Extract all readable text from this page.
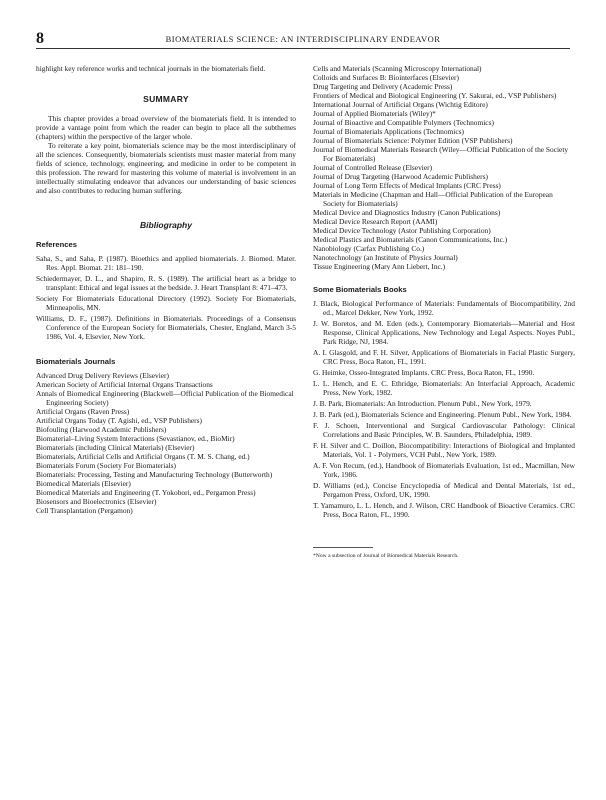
8	BIOMATERIALS SCIENCE: AN INTERDISCIPLINARY ENDEAVOR

highlight key reference works and technical journals in the biomaterials field.

SUMMARY

This chapter provides a broad overview of the biomaterials field. It is intended to provide a vantage point from which the reader can begin to place all the subthemes (chapters) within the perspective of the larger whole.

To reiterate a key point, biomaterials science may be the most interdisciplinary of all the sciences. Consequently, biomaterials scientists must master material from many fields of science, technology, engineering, and medicine in order to be competent in this profession. The reward for mastering this volume of material is involvement in an intellectually stimulating endeavor that advances our understanding of basic sciences and also contributes to reducing human suffering.

Bibliography
References

Saha, S., and Saha, P. (1987). Bioethics and applied biomaterials. J. Biomed. Mater. Res. Appl. Biomat. 21: 181–190.

Schiedermayer, D. L., and Shapiro, R. S. (1989). The artificial heart as a bridge to transplant: Ethical and legal issues at the bedside. J. Heart Transplant 8: 471–473.

Society For Biomaterials Educational Directory (1992). Society For Biomaterials, Minneapolis, MN.

Williams, D. F., (1987). Definitions in Biomaterials. Proceedings of a Consensus Conference of the European Society for Biomaterials, Chester, England, March 3-5 1986, Vol. 4, Elsevier, New York.

Biomaterials Journals

Advanced Drug Delivery Reviews (Elsevier)

American Society of Artificial Internal Organs Transactions

Annals of Biomedical Engineering (Blackwell—Official Publication of the Biomedical Engineering Society)

Artificial Organs (Raven Press)

Artificial Organs Today (T. Agishi, ed., VSP Publishers)

Biofouling (Harwood Academic Publishers)

Biomaterial–Living System Interactions (Sevastianov, ed., BioMir)

Biomaterials (including Clinical Materials) (Elsevier)

Biomaterials, Artificial Cells and Artificial Organs (T. M. S. Chang, ed.)

Biomaterials Forum (Society For Biomaterials)

Biomaterials: Processing, Testing and Manufacturing Technology (Butterworth)

Biomedical Materials (Elsevier)

Biomedical Materials and Engineering (T. Yokobori, ed., Pergamon Press)

Biosensors and Bioelectronics (Elsevier)

Cell Transplantation (Pergamon)

Cells and Materials (Scanning Microscopy International)

Colloids and Surfaces B: Biointerfaces (Elsevier)

Drug Targeting and Delivery (Academic Press)

Frontiers of Medical and Biological Engineering (Y. Sakurai, ed., VSP Publishers)

International Journal of Artificial Organs (Wichtig Editore)

Journal of Applied Biomaterials (Wiley)*

Journal of Bioactive and Compatible Polymers (Technomics)

Journal of Biomaterials Applications (Technomics)

Journal of Biomaterials Science: Polymer Edition (VSP Publishers)

Journal of Biomedical Materials Research (Wiley—Official Publication of the Society For Biomaterials)

Journal of Controlled Release (Elsevier)

Journal of Drug Targeting (Harwood Academic Publishers)

Journal of Long Term Effects of Medical Implants (CRC Press)

Materials in Medicine (Chapman and Hall—Official Publication of the European Society for Biomaterials)

Medical Device and Diagnostics Industry (Canon Publications)

Medical Device Research Report (AAMI)

Medical Device Technology (Astor Publishing Corporation)

Medical Plastics and Biomaterials (Canon Communications, Inc.)

Nanobiology (Carfax Publishing Co.)

Nanotechnology (an Institute of Physics Journal)

Tissue Engineering (Mary Ann Liebert, Inc.)

Some Biomaterials Books

J. Black, Biological Performance of Materials: Fundamentals of Biocompatibility, 2nd ed., Marcel Dekker, New York, 1992.

J. W. Boretos, and M. Eden (eds.), Contemporary Biomaterials—Material and Host Response, Clinical Applications, New Technology and Legal Aspects. Noyes Publ., Park Ridge, NJ, 1984.

A. I. Glasgold, and F. H. Silver, Applications of Biomaterials in Facial Plastic Surgery, CRC Press, Boca Raton, FL, 1991.

G. Heimke, Osseo-Integrated Implants. CRC Press, Boca Raton, FL, 1990.

L. L. Hench, and E. C. Ethridge, Biomaterials: An Interfacial Approach, Academic Press, New York, 1982.

J. B. Park, Biomaterials: An Introduction. Plenum Publ., New York, 1979.

J. B. Park (ed.), Biomaterials Science and Engineering. Plenum Publ., New York, 1984.

F. J. Schoen, Interventional and Surgical Cardiovascular Pathology: Clinical Correlations and Basic Principles, W. B. Saunders, Philadelphia, 1989.

F. H. Silver and C. Doillon, Biocompatibility: Interactions of Biological and Implanted Materials, Vol. 1 - Polymers, VCH Publ., New York, 1989.

A. F. Von Recum, (ed.), Handbook of Biomaterials Evaluation, 1st ed., Macmillan, New York, 1986.

D. Williams (ed.), Concise Encyclopedia of Medical and Dental Materials, 1st ed., Pergamon Press, Oxford, UK, 1990.

T. Yamamuro, L. L. Hench, and J. Wilson, CRC Handbook of Bioactive Ceramics. CRC Press, Boca Raton, FL, 1990.

*Now a subsection of Journal of Biomedical Materials Research.
